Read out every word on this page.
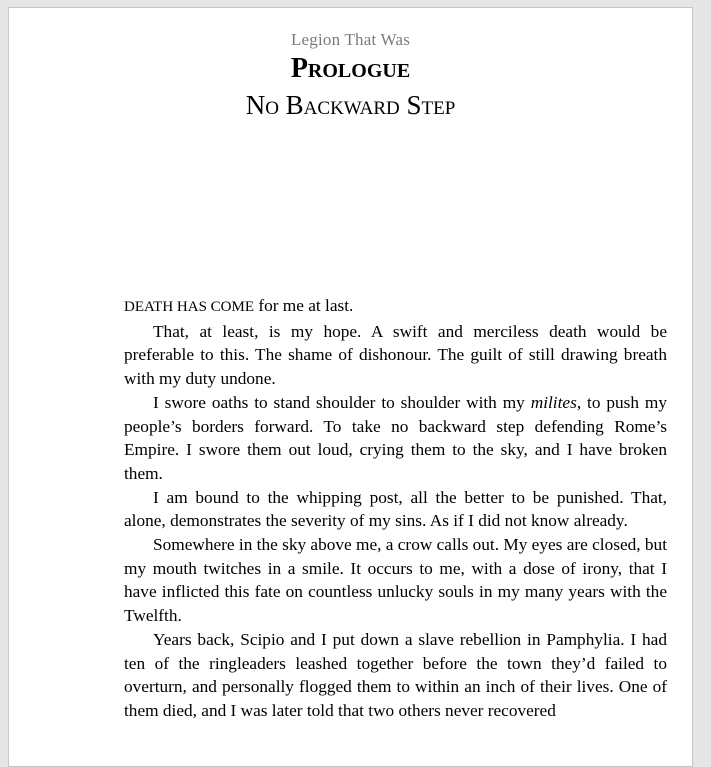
Legion That Was
Prologue
No Backward Step

DEATH HAS COME for me at last.

That, at least, is my hope. A swift and merciless death would be preferable to this. The shame of dishonour. The guilt of still drawing breath with my duty undone.

I swore oaths to stand shoulder to shoulder with my milites, to push my people’s borders forward. To take no backward step defending Rome’s Empire. I swore them out loud, crying them to the sky, and I have broken them.

I am bound to the whipping post, all the better to be punished. That, alone, demonstrates the severity of my sins. As if I did not know already.

Somewhere in the sky above me, a crow calls out. My eyes are closed, but my mouth twitches in a smile. It occurs to me, with a dose of irony, that I have inflicted this fate on countless unlucky souls in my many years with the Twelfth.

Years back, Scipio and I put down a slave rebellion in Pamphylia. I had ten of the ringleaders leashed together before the town they’d failed to overturn, and personally flogged them to within an inch of their lives. One of them died, and I was later told that two others never recovered
